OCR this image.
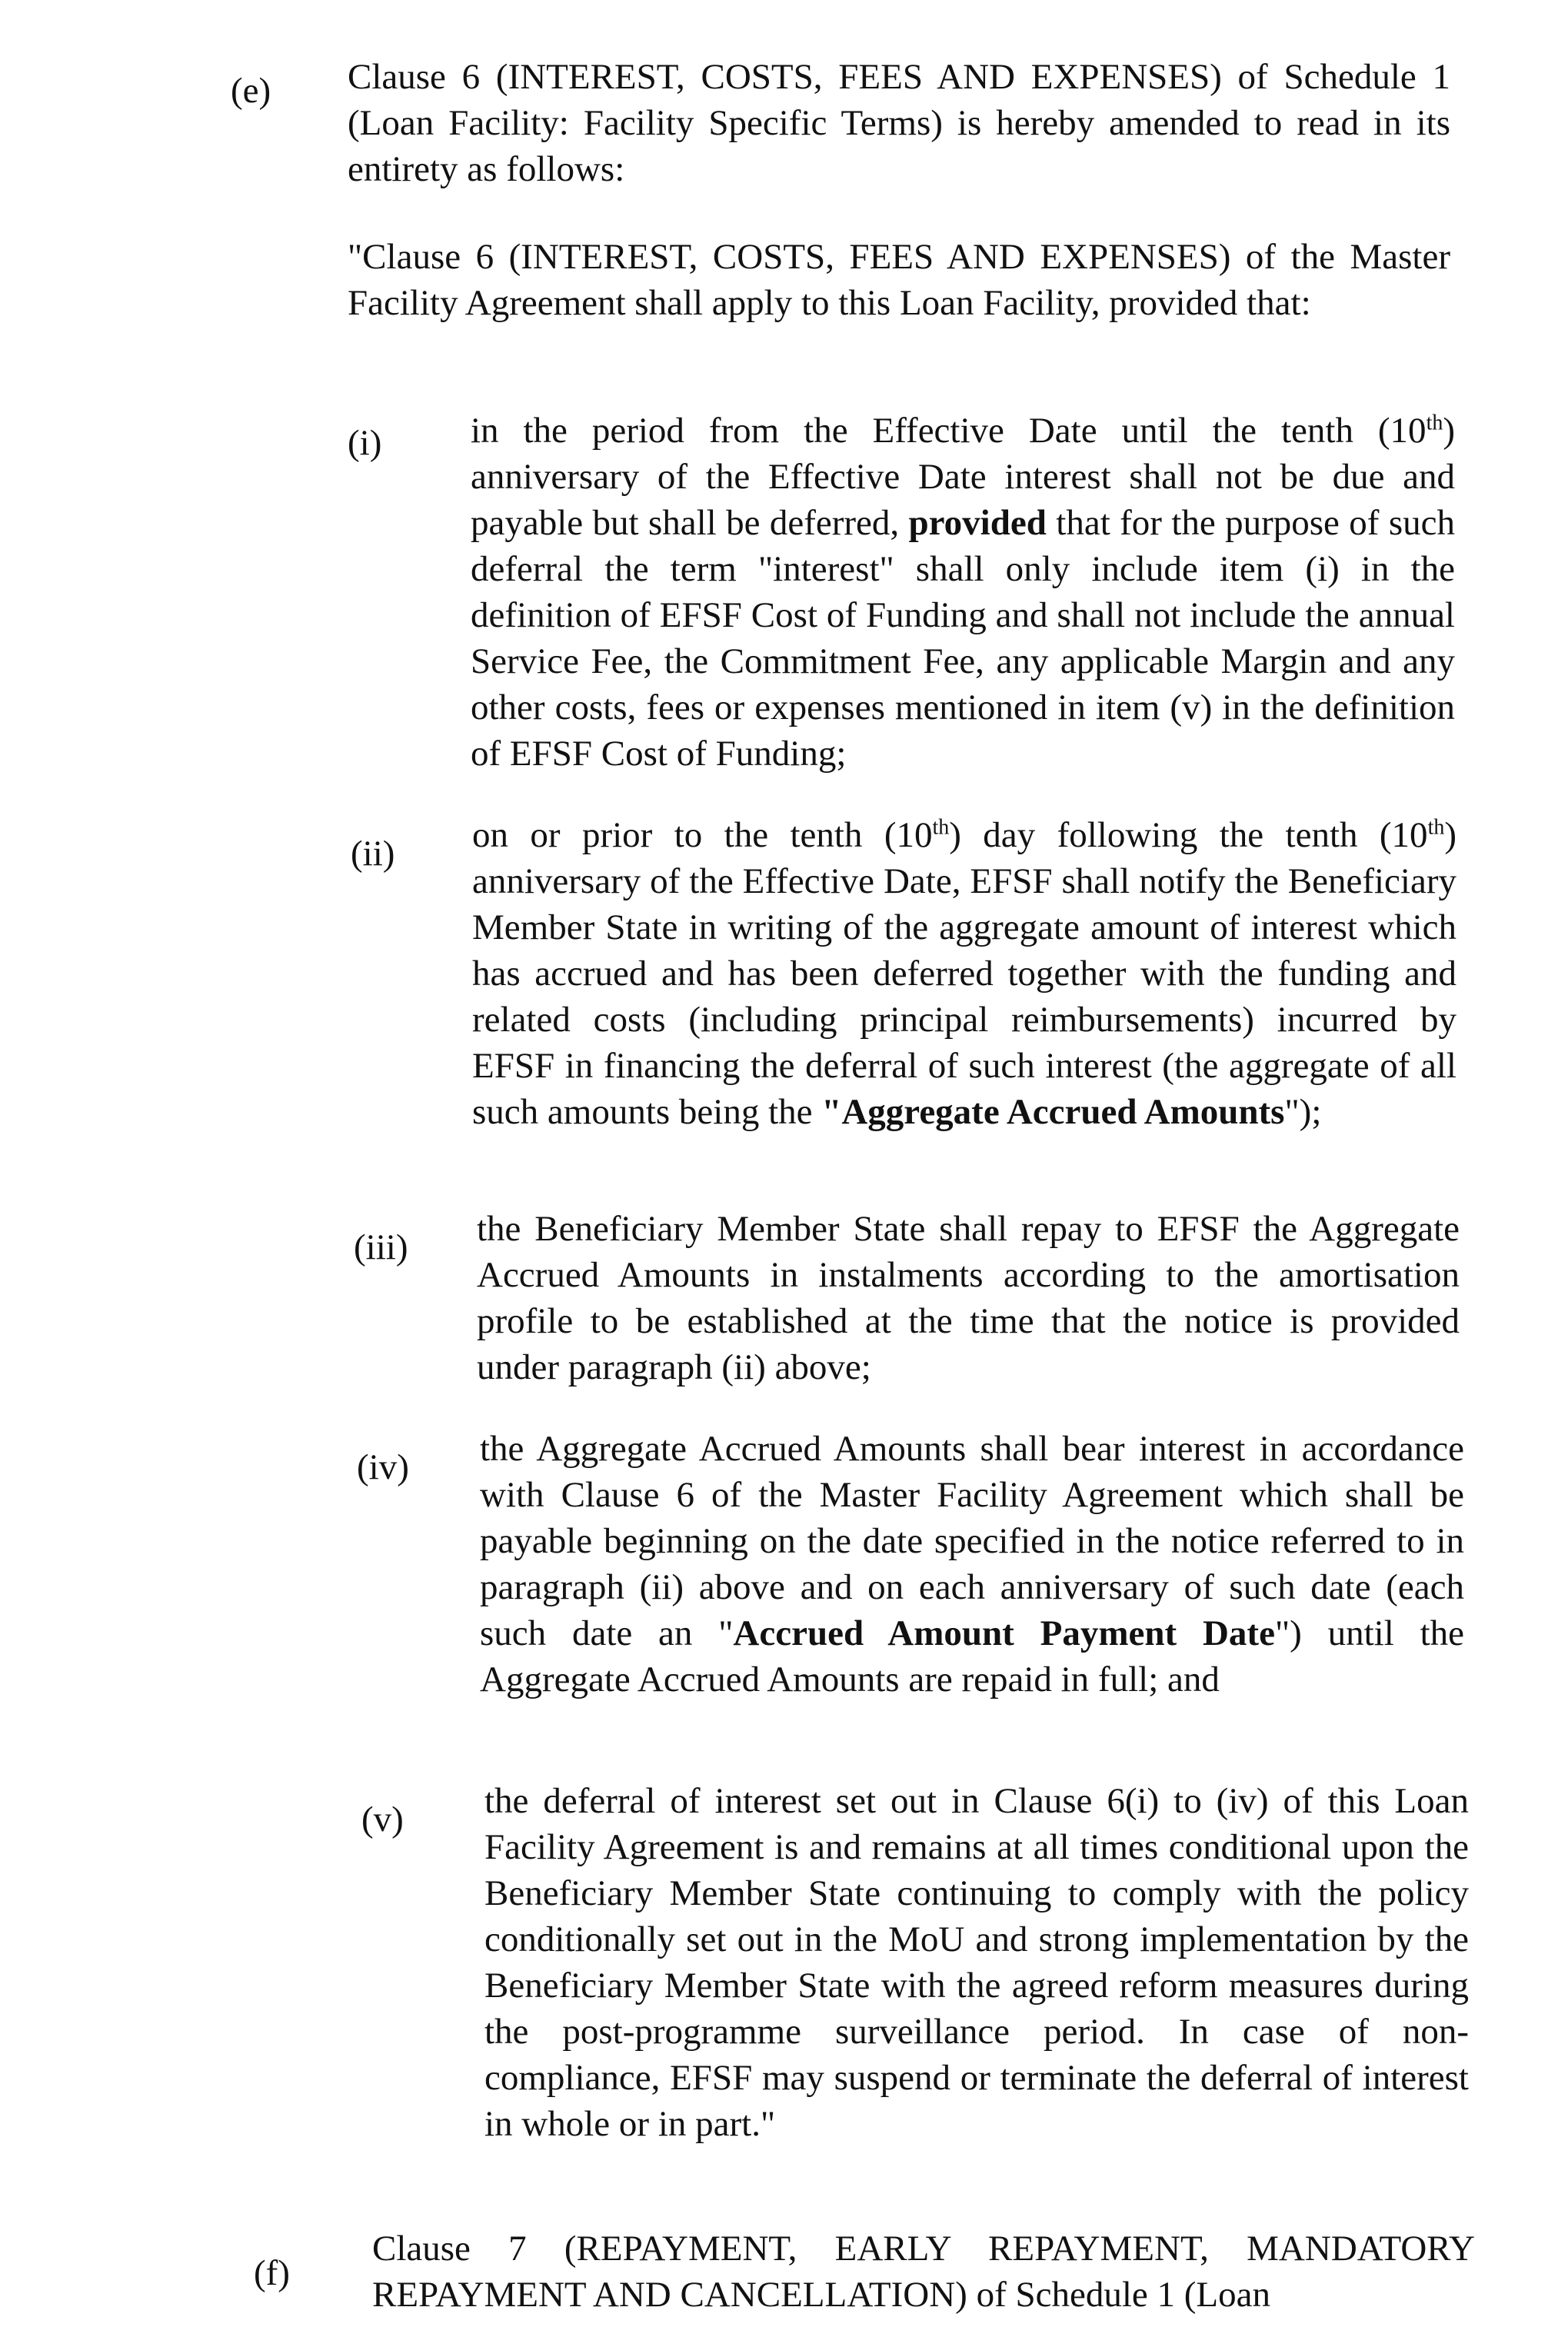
(e) Clause 6 (INTEREST, COSTS, FEES AND EXPENSES) of Schedule 1 (Loan Facility: Facility Specific Terms) is hereby amended to read in its entirety as follows:

"Clause 6 (INTEREST, COSTS, FEES AND EXPENSES) of the Master Facility Agreement shall apply to this Loan Facility, provided that:

(i) in the period from the Effective Date until the tenth (10th) anniversary of the Effective Date interest shall not be due and payable but shall be deferred, provided that for the purpose of such deferral the term "interest" shall only include item (i) in the definition of EFSF Cost of Funding and shall not include the annual Service Fee, the Commitment Fee, any applicable Margin and any other costs, fees or expenses mentioned in item (v) in the definition of EFSF Cost of Funding;

(ii) on or prior to the tenth (10th) day following the tenth (10th) anniversary of the Effective Date, EFSF shall notify the Beneficiary Member State in writing of the aggregate amount of interest which has accrued and has been deferred together with the funding and related costs (including principal reimbursements) incurred by EFSF in financing the deferral of such interest (the aggregate of all such amounts being the "Aggregate Accrued Amounts");

(iii) the Beneficiary Member State shall repay to EFSF the Aggregate Accrued Amounts in instalments according to the amortisation profile to be established at the time that the notice is provided under paragraph (ii) above;

(iv) the Aggregate Accrued Amounts shall bear interest in accordance with Clause 6 of the Master Facility Agreement which shall be payable beginning on the date specified in the notice referred to in paragraph (ii) above and on each anniversary of such date (each such date an "Accrued Amount Payment Date") until the Aggregate Accrued Amounts are repaid in full; and

(v) the deferral of interest set out in Clause 6(i) to (iv) of this Loan Facility Agreement is and remains at all times conditional upon the Beneficiary Member State continuing to comply with the policy conditionally set out in the MoU and strong implementation by the Beneficiary Member State with the agreed reform measures during the post-programme surveillance period. In case of non-compliance, EFSF may suspend or terminate the deferral of interest in whole or in part."

(f)

Clause 7 (REPAYMENT, EARLY REPAYMENT, MANDATORY REPAYMENT AND CANCELLATION) of Schedule 1 (Loan
